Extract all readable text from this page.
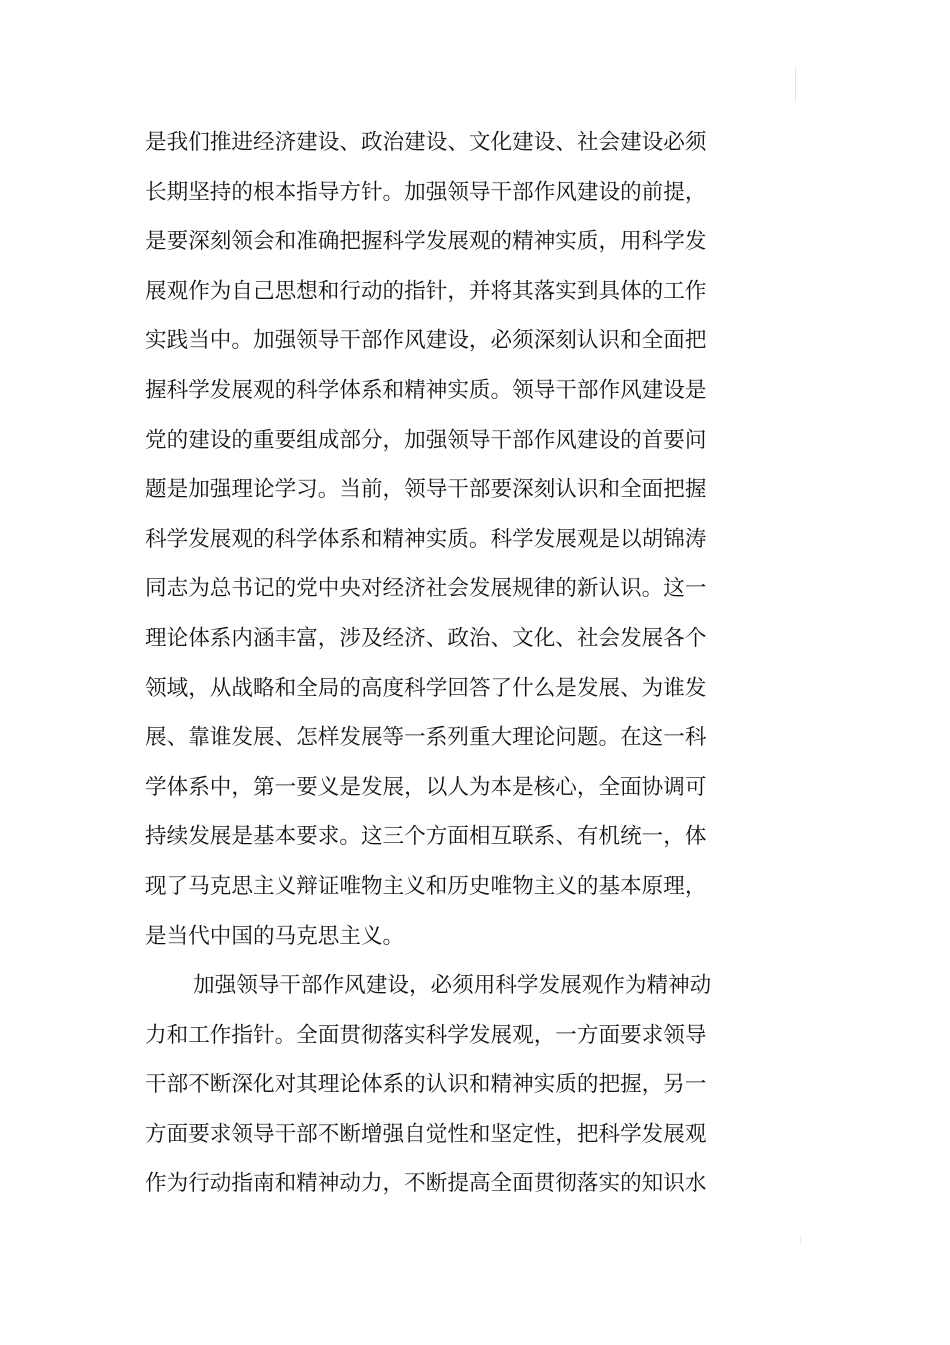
是我们推进经济建设、政治建设、文化建设、社会建设必须
长期坚持的根本指导方针。加强领导干部作风建设的前提，
是要深刻领会和准确把握科学发展观的精神实质，用科学发
展观作为自己思想和行动的指针，并将其落实到具体的工作
实践当中。加强领导干部作风建设，必须深刻认识和全面把
握科学发展观的科学体系和精神实质。领导干部作风建设是
党的建设的重要组成部分，加强领导干部作风建设的首要问
题是加强理论学习。当前，领导干部要深刻认识和全面把握
科学发展观的科学体系和精神实质。科学发展观是以胡锦涛
同志为总书记的党中央对经济社会发展规律的新认识。这一
理论体系内涵丰富，涉及经济、政治、文化、社会发展各个
领域，从战略和全局的高度科学回答了什么是发展、为谁发
展、靠谁发展、怎样发展等一系列重大理论问题。在这一科
学体系中，第一要义是发展，以人为本是核心，全面协调可
持续发展是基本要求。这三个方面相互联系、有机统一，体
现了马克思主义辩证唯物主义和历史唯物主义的基本原理，
是当代中国的马克思主义。
加强领导干部作风建设，必须用科学发展观作为精神动
力和工作指针。全面贯彻落实科学发展观，一方面要求领导
干部不断深化对其理论体系的认识和精神实质的把握，另一
方面要求领导干部不断增强自觉性和坚定性，把科学发展观
作为行动指南和精神动力，不断提高全面贯彻落实的知识水
